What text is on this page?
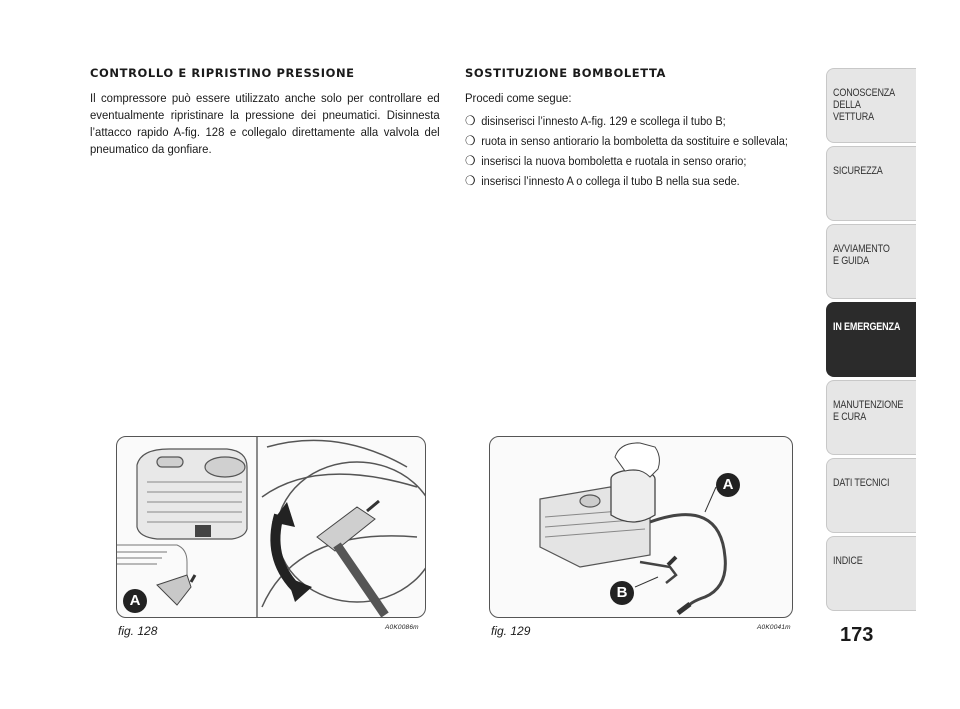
CONTROLLO E RIPRISTINO PRESSIONE

Il compressore può essere utilizzato anche solo per controllare ed eventualmente ripristinare la pressione dei pneumatici. Disinnesta l’attacco rapido A-fig. 128 e collegalo direttamente alla valvola del pneumatico da gonfiare.

SOSTITUZIONE BOMBOLETTA

Procedi come segue:

❍ disinserisci l’innesto A-fig. 129 e scollega il tubo B;
❍ ruota in senso antiorario la bomboletta da sostituire e sollevala;
❍ inserisci la nuova bomboletta e ruotala in senso orario;
❍ inserisci l’innesto A o collega il tubo B nella sua sede.
A
fig. 128	A0K0086m
A
B
fig. 129	A0K0041m
CONOSCENZA
DELLA
VETTURA
SICUREZZA
AVVIAMENTO
E GUIDA
IN EMERGENZA
MANUTENZIONE
E CURA
DATI TECNICI
INDICE
173
